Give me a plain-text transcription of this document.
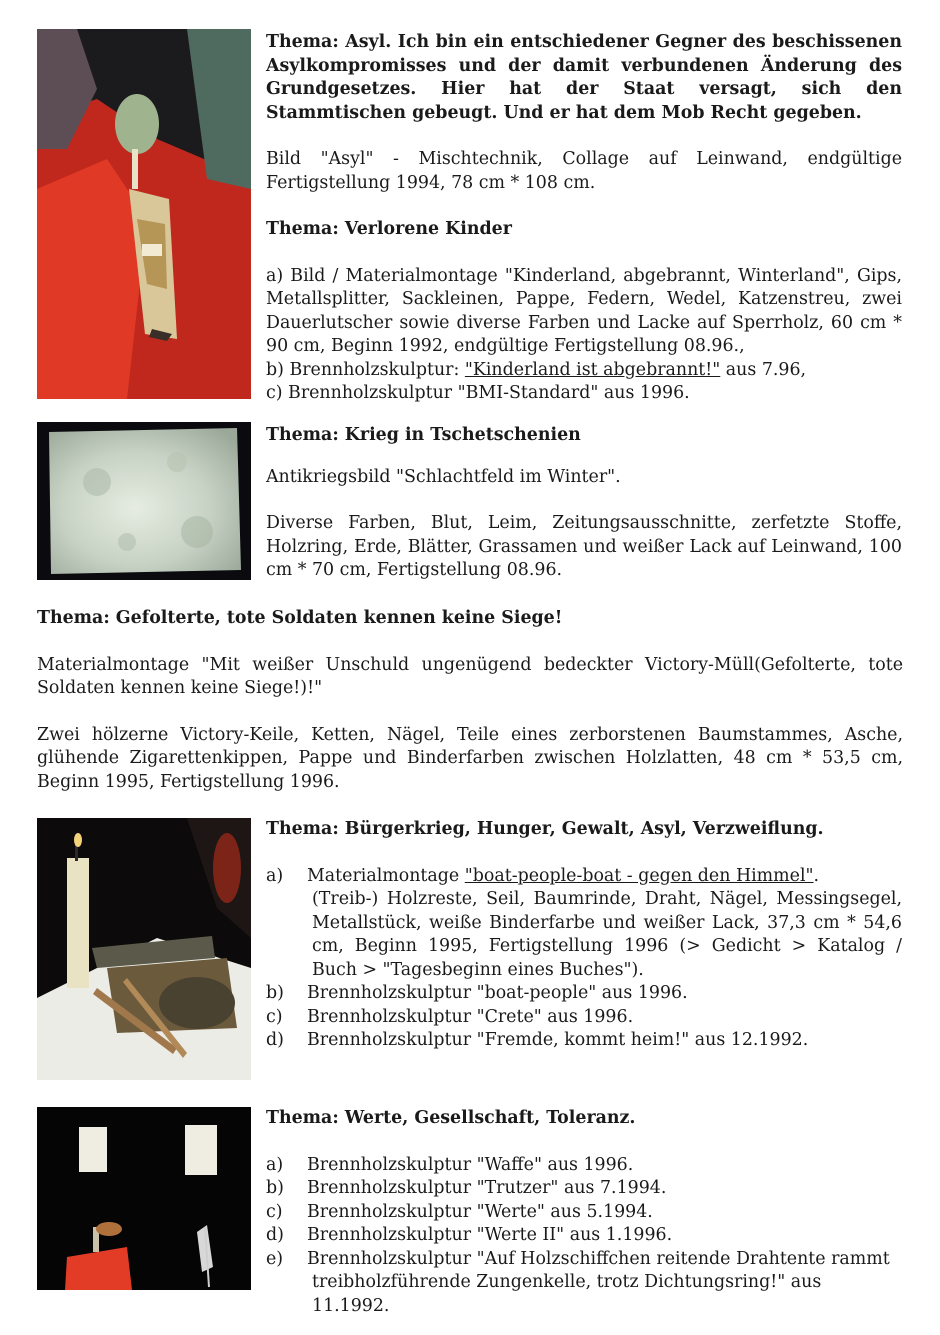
Thema: Asyl. Ich bin ein entschiedener Gegner des beschissenen Asylkompromisses und der damit verbundenen Änderung des Grundgesetzes. Hier hat der Staat versagt, sich den Stammtischen gebeugt. Und er hat dem Mob Recht gegeben.

Bild "Asyl" - Mischtechnik, Collage auf Leinwand, endgültige Fertigstellung 1994, 78 cm * 108 cm.

Thema: Verlorene Kinder

a) Bild / Materialmontage "Kinderland, abgebrannt, Winterland", Gips, Metallsplitter, Sackleinen, Pappe, Federn, Wedel, Katzenstreu, zwei Dauerlutscher sowie diverse Farben und Lacke auf Sperrholz, 60 cm * 90 cm, Beginn 1992, endgültige Fertigstellung 08.96.,

b) Brennholzskulptur: "Kinderland ist abgebrannt!" aus 7.96,

c) Brennholzskulptur "BMI-Standard" aus 1996.

Thema: Krieg in Tschetschenien

Antikriegsbild "Schlachtfeld im Winter".

Diverse Farben, Blut, Leim, Zeitungsausschnitte, zerfetzte Stoffe, Holzring, Erde, Blätter, Grassamen und weißer Lack auf Leinwand, 100 cm * 70 cm, Fertigstellung 08.96.

Thema: Gefolterte, tote Soldaten kennen keine Siege!

Materialmontage "Mit weißer Unschuld ungenügend bedeckter Victory-Müll(Gefolterte, tote Soldaten kennen keine Siege!)!"

Zwei hölzerne Victory-Keile, Ketten, Nägel, Teile eines zerborstenen Baumstammes, Asche, glühende Zigarettenkippen, Pappe und Binderfarben zwischen Holzlatten, 48 cm * 53,5 cm, Beginn 1995, Fertigstellung 1996.

Thema: Bürgerkrieg, Hunger, Gewalt, Asyl, Verzweiflung.

a)	Materialmontage "boat-people-boat - gegen den Himmel".

(Treib-) Holzreste, Seil, Baumrinde, Draht, Nägel, Messingsegel, Metallstück, weiße Binderfarbe und weißer Lack, 37,3 cm * 54,6 cm, Beginn 1995, Fertigstellung 1996 (> Gedicht > Katalog / Buch > "Tagesbeginn eines Buches").

b)	Brennholzskulptur "boat-people" aus 1996.
c)	Brennholzskulptur "Crete" aus 1996.
d)	Brennholzskulptur "Fremde, kommt heim!" aus 12.1992.

Thema: Werte, Gesellschaft, Toleranz.

a)	Brennholzskulptur "Waffe" aus 1996.
b)	Brennholzskulptur "Trutzer" aus 7.1994.
c)	Brennholzskulptur "Werte" aus 5.1994.
d)	Brennholzskulptur "Werte II" aus 1.1996.
e)	Brennholzskulptur "Auf Holzschiffchen reitende Drahtente rammt

treibholzführende Zungenkelle, trotz Dichtungsring!" aus 11.1992.
